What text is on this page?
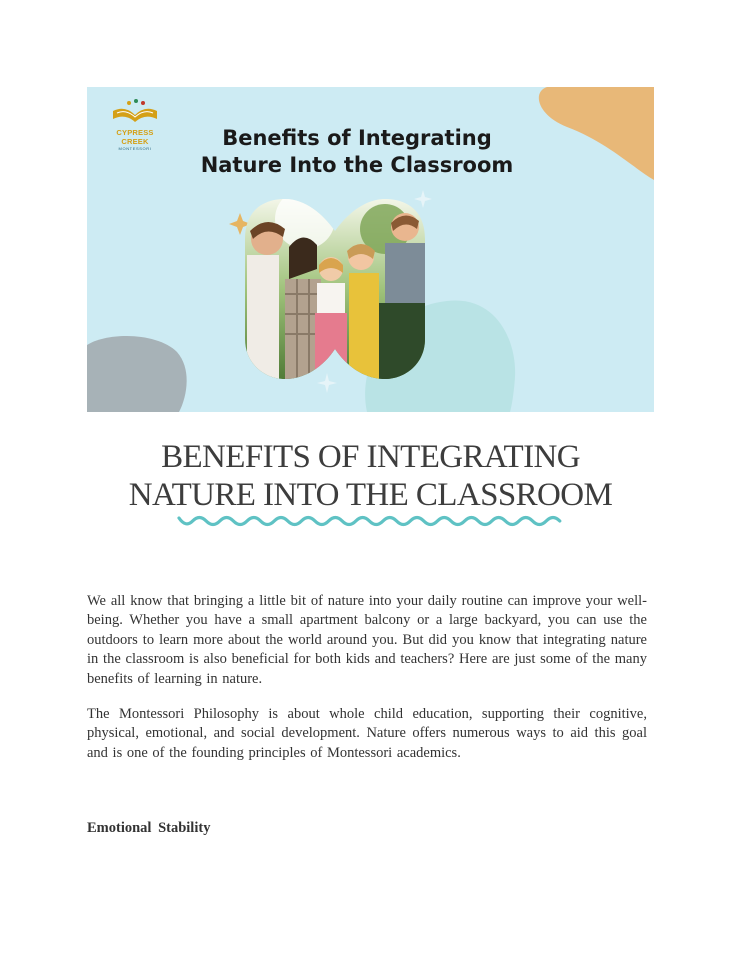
CYPRESS CREEK
MONTESSORI	Benefits of Integrating
Nature Into the Classroom
BENEFITS OF INTEGRATING
NATURE INTO THE CLASSROOM

We all know that bringing a little bit of nature into your daily routine can improve your well-being. Whether you have a small apartment balcony or a large backyard, you can use the outdoors to learn more about the world around you. But did you know that integrating nature in the classroom is also beneficial for both kids and teachers? Here are just some of the many benefits of learning in nature.

The Montessori Philosophy is about whole child education, supporting their cognitive, physical, emotional, and social development. Nature offers numerous ways to aid this goal and is one of the founding principles of Montessori academics.

Emotional Stability
